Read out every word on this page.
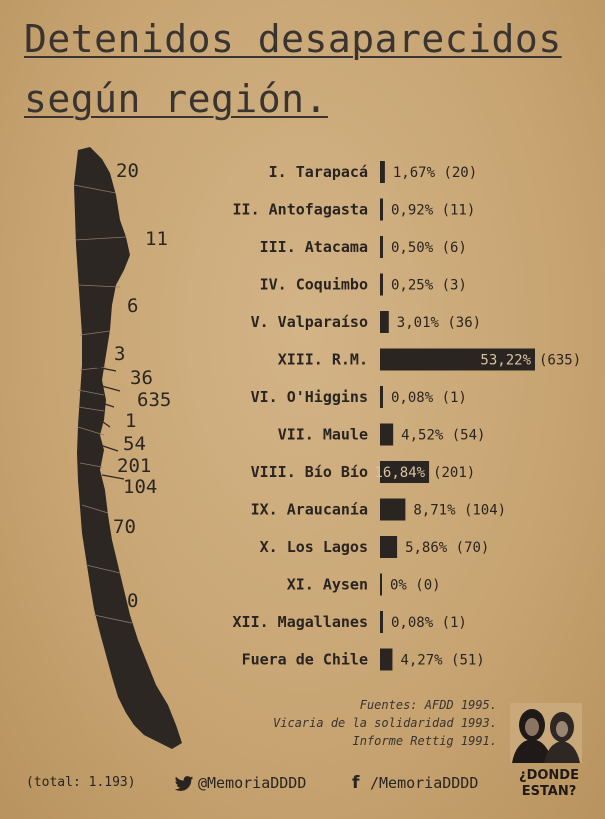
Detenidos desaparecidos
según región.
20
11
6
3
36
635
1
54
201
104
70
0
1
I. Tarapacá 1,67% (20)
II. Antofagasta 0,92% (11)
III. Atacama 0,50% (6)
IV. Coquimbo 0,25% (3)
V. Valparaíso 3,01% (36)
XIII. R.M.	53,22% (635)
VI. O'Higgins 0,08% (1)
VII. Maule 4,52% (54)
VIII. Bío Bío 16,84% (201)
IX. Araucanía	8,71% (104)
X. Los Lagos	5,86% (70)
XI. Aysen 0% (0)
XII. Magallanes 0,08% (1)
Fuera de Chile 4,27% (51)
Fuentes: AFDD 1995.
Vicaria de la solidaridad 1993.
Informe Rettig 1991.
(total: 1.193)	@MemoriaDDDD	f /MemoriaDDDD	¿DONDE
ESTAN?
